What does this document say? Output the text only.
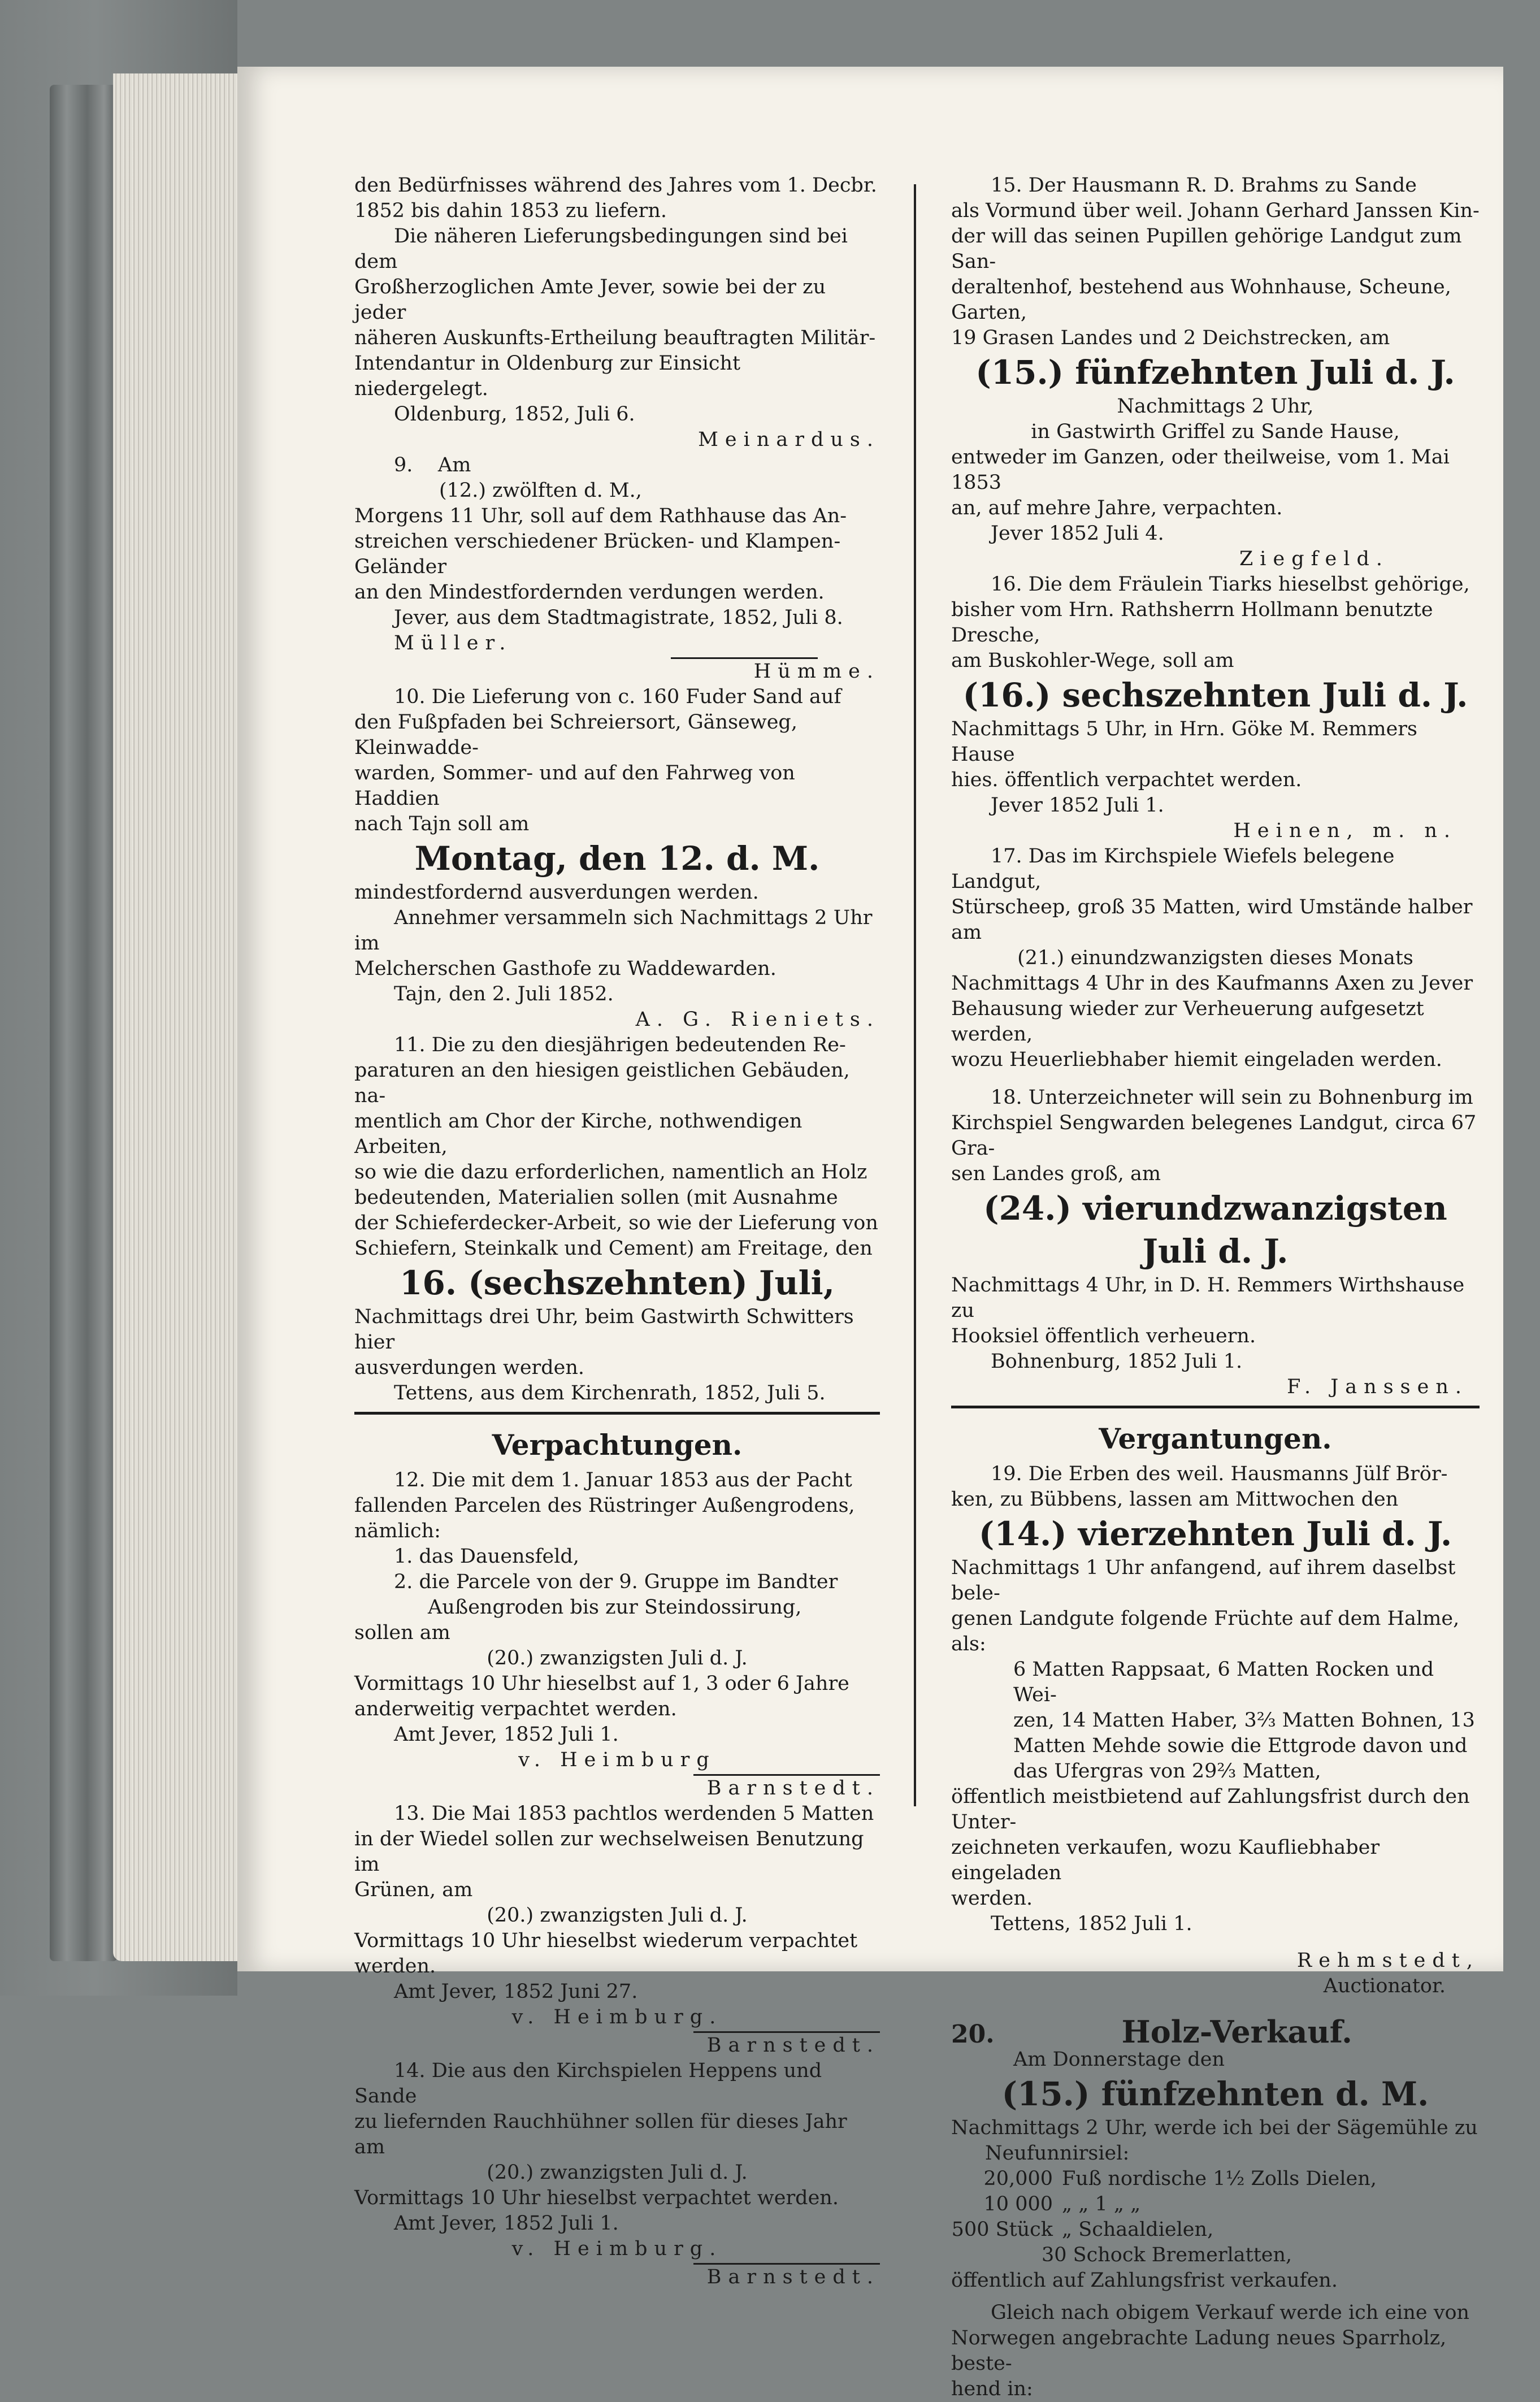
den Bedürfnisses während des Jahres vom 1. Decbr.

1852 bis dahin 1853 zu liefern.

Die näheren Lieferungsbedingungen sind bei dem

Großherzoglichen Amte Jever, sowie bei der zu jeder

näheren Auskunfts-Ertheilung beauftragten Militär-

Intendantur in Oldenburg zur Einsicht niedergelegt.

Oldenburg, 1852, Juli 6.

Meinardus.

9. Am

(12.) zwölften d. M.,

Morgens 11 Uhr, soll auf dem Rathhause das An-

streichen verschiedener Brücken- und Klampen-Geländer

an den Mindestfordernden verdungen werden.

Jever, aus dem Stadtmagistrate, 1852, Juli 8.

Müller.

Hümme.

10. Die Lieferung von c. 160 Fuder Sand auf

den Fußpfaden bei Schreiersort, Gänseweg, Kleinwadde-

warden, Sommer- und auf den Fahrweg von Haddien

nach Tajn soll am

Montag, den 12. d. M.

mindestfordernd ausverdungen werden.

Annehmer versammeln sich Nachmittags 2 Uhr im

Melcherschen Gasthofe zu Waddewarden.

Tajn, den 2. Juli 1852.

A. G. Rieniets.

11. Die zu den diesjährigen bedeutenden Re-

paraturen an den hiesigen geistlichen Gebäuden, na-

mentlich am Chor der Kirche, nothwendigen Arbeiten,

so wie die dazu erforderlichen, namentlich an Holz

bedeutenden, Materialien sollen (mit Ausnahme

der Schieferdecker-Arbeit, so wie der Lieferung von

Schiefern, Steinkalk und Cement) am Freitage, den

16. (sechszehnten) Juli,

Nachmittags drei Uhr, beim Gastwirth Schwitters hier

ausverdungen werden.

Tettens, aus dem Kirchenrath, 1852, Juli 5.

Verpachtungen.

12. Die mit dem 1. Januar 1853 aus der Pacht

fallenden Parcelen des Rüstringer Außengrodens, nämlich:

1. das Dauensfeld,

2. die Parcele von der 9. Gruppe im Bandter

Außengroden bis zur Steindossirung,

sollen am

(20.) zwanzigsten Juli d. J.

Vormittags 10 Uhr hieselbst auf 1, 3 oder 6 Jahre

anderweitig verpachtet werden.

Amt Jever, 1852 Juli 1.

v. Heimburg

Barnstedt.

13. Die Mai 1853 pachtlos werdenden 5 Matten

in der Wiedel sollen zur wechselweisen Benutzung im

Grünen, am

(20.) zwanzigsten Juli d. J.

Vormittags 10 Uhr hieselbst wiederum verpachtet werden.

Amt Jever, 1852 Juni 27.

v. Heimburg.

Barnstedt.

14. Die aus den Kirchspielen Heppens und Sande

zu liefernden Rauchhühner sollen für dieses Jahr am

(20.) zwanzigsten Juli d. J.

Vormittags 10 Uhr hieselbst verpachtet werden.

Amt Jever, 1852 Juli 1.

v. Heimburg.

Barnstedt.

15. Der Hausmann R. D. Brahms zu Sande

als Vormund über weil. Johann Gerhard Janssen Kin-

der will das seinen Pupillen gehörige Landgut zum San-

deraltenhof, bestehend aus Wohnhause, Scheune, Garten,

19 Grasen Landes und 2 Deichstrecken, am

(15.) fünfzehnten Juli d. J.

Nachmittags 2 Uhr,

in Gastwirth Griffel zu Sande Hause,

entweder im Ganzen, oder theilweise, vom 1. Mai 1853

an, auf mehre Jahre, verpachten.

Jever 1852 Juli 4.

Ziegfeld.

16. Die dem Fräulein Tiarks hieselbst gehörige,

bisher vom Hrn. Rathsherrn Hollmann benutzte Dresche,

am Buskohler-Wege, soll am

(16.) sechszehnten Juli d. J.

Nachmittags 5 Uhr, in Hrn. Göke M. Remmers Hause

hies. öffentlich verpachtet werden.

Jever 1852 Juli 1.

Heinen, m. n.

17. Das im Kirchspiele Wiefels belegene Landgut,

Stürscheep, groß 35 Matten, wird Umstände halber am

(21.) einundzwanzigsten dieses Monats

Nachmittags 4 Uhr in des Kaufmanns Axen zu Jever

Behausung wieder zur Verheuerung aufgesetzt werden,

wozu Heuerliebhaber hiemit eingeladen werden.

18. Unterzeichneter will sein zu Bohnenburg im

Kirchspiel Sengwarden belegenes Landgut, circa 67 Gra-

sen Landes groß, am

(24.) vierundzwanzigsten Juli d. J.

Nachmittags 4 Uhr, in D. H. Remmers Wirthshause zu

Hooksiel öffentlich verheuern.

Bohnenburg, 1852 Juli 1.

F. Janssen.

Vergantungen.

19. Die Erben des weil. Hausmanns Jülf Brör-

ken, zu Bübbens, lassen am Mittwochen den

(14.) vierzehnten Juli d. J.

Nachmittags 1 Uhr anfangend, auf ihrem daselbst bele-

genen Landgute folgende Früchte auf dem Halme, als:

6 Matten Rappsaat, 6 Matten Rocken und Wei-

zen, 14 Matten Haber, 3⅔ Matten Bohnen, 13

Matten Mehde sowie die Ettgrode davon und

das Ufergras von 29⅔ Matten,

öffentlich meistbietend auf Zahlungsfrist durch den Unter-

zeichneten verkaufen, wozu Kaufliebhaber eingeladen

werden.

Tettens, 1852 Juli 1.

Rehmstedt,

Auctionator.

20.	Holz-Verkauf.

Am Donnerstage den

(15.) fünfzehnten d. M.

Nachmittags 2 Uhr, werde ich bei der Sägemühle zu

Neufunnirsiel:

20,000 Fuß nordische 1½ Zolls Dielen,
10 000 „ „ 1 „ „
500 Stück „ Schaaldielen,

30 Schock Bremerlatten,

öffentlich auf Zahlungsfrist verkaufen.

Gleich nach obigem Verkauf werde ich eine von

Norwegen angebrachte Ladung neues Sparrholz, beste-

hend in:
